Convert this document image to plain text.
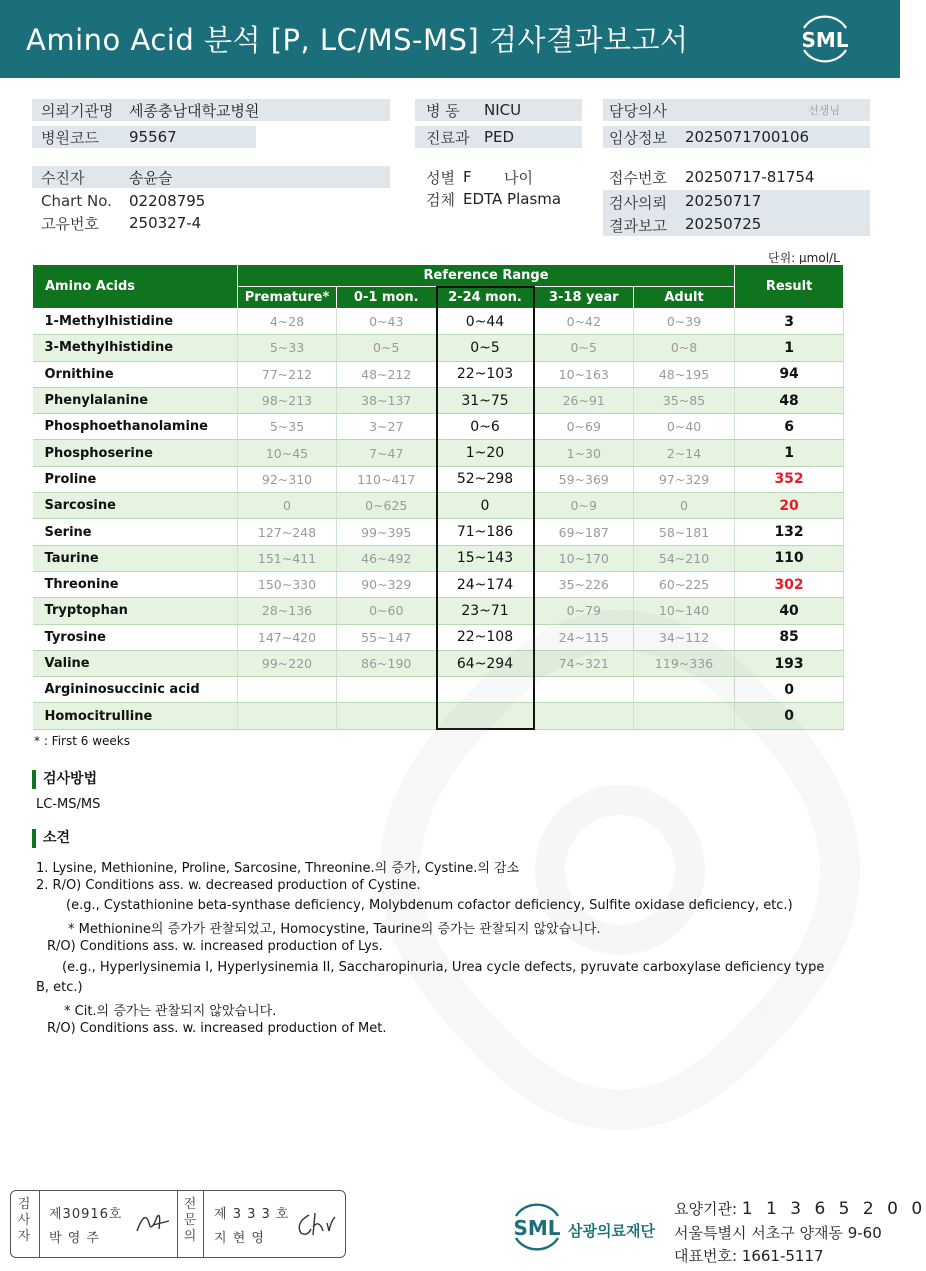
Amino Acid 분석 [P, LC/MS-MS] 검사결과보고서	SML
의뢰기관명 세종충남대학교병원
병원코드 95567
수진자	송윤슬
Chart No. 02208795
고유번호 250327-4
병 동 NICU
진료과 PED
성별 F 나이
검체 EDTA Plasma
담당의사	선생님
임상정보 2025071700106
접수번호 20250717-81754
검사의뢰 20250717
결과보고 20250725
단위: μmol/L
Amino Acids	Reference Range					Result
	Premature*	0-1 mon.	2-24 mon.	3-18 year	Adult	
1-Methylhistidine	4~28	0~43	0~44	0~42	0~39	3
3-Methylhistidine	5~33	0~5	0~5	0~5	0~8	1
Ornithine	77~212	48~212	22~103	10~163	48~195	94
Phenylalanine	98~213	38~137	31~75	26~91	35~85	48
Phosphoethanolamine	5~35	3~27	0~6	0~69	0~40	6
Phosphoserine	10~45	7~47	1~20	1~30	2~14	1
Proline	92~310	110~417	52~298	59~369	97~329	352
Sarcosine	0	0~625	0	0~9	0	20
Serine	127~248	99~395	71~186	69~187	58~181	132
Taurine	151~411	46~492	15~143	10~170	54~210	110
Threonine	150~330	90~329	24~174	35~226	60~225	302
Tryptophan	28~136	0~60	23~71	0~79	10~140	40
Tyrosine	147~420	55~147	22~108	24~115	34~112	85
Valine	99~220	86~190	64~294	74~321	119~336	193
Argininosuccinic acid						0
Homocitrulline						0
* : First 6 weeks
검사방법
LC-MS/MS
소견
1. Lysine, Methionine, Proline, Sarcosine, Threonine.의 증가, Cystine.의 감소
2. R/O) Conditions ass. w. decreased production of Cystine.
(e.g., Cystathionine beta-synthase deficiency, Molybdenum cofactor deficiency, Sulfite oxidase deficiency, etc.)
* Methionine의 증가가 관찰되었고, Homocystine, Taurine의 증가는 관찰되지 않았습니다.
R/O) Conditions ass. w. increased production of Lys.
(e.g., Hyperlysinemia I, Hyperlysinemia II, Saccharopinuria, Urea cycle defects, pyruvate carboxylase deficiency type
B, etc.)
* Cit.의 증가는 관찰되지 않았습니다.
R/O) Conditions ass. w. increased production of Met.
검사자
제30916호
박 영 주
전문의
제 3 3 3 호
지 현 영	SML 삼광의료재단
요양기관: 1 1 3 6 5 2 0 0
서울특별시 서초구 양재동 9-60
대표번호: 1661-5117
